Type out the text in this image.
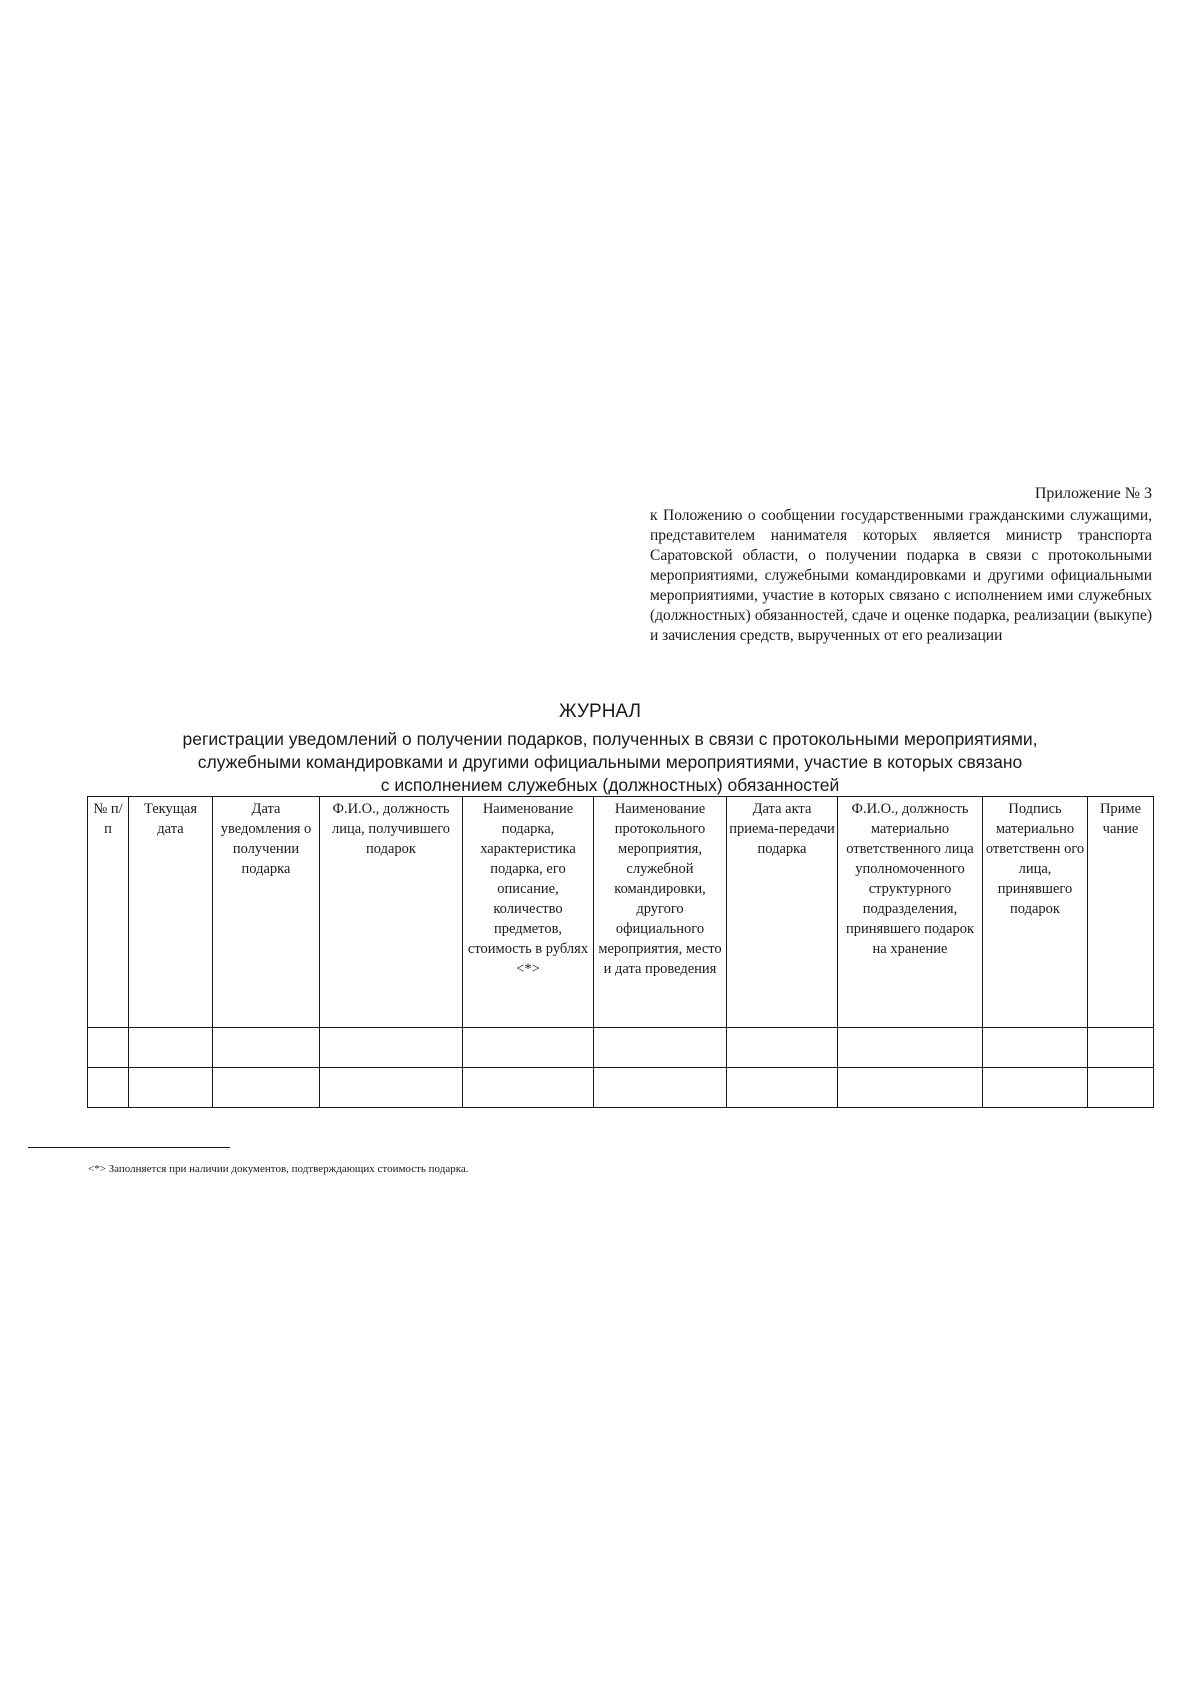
Приложение № 3

к Положению о сообщении государственными гражданскими служащими, представителем нанимателя которых является министр транспорта Саратовской области, о получении подарка в связи с протокольными мероприятиями, служебными командировками и другими официальными мероприятиями, участие в которых связано с исполнением ими служебных (должностных) обязанностей, сдаче и оценке подарка, реализации (выкупе) и зачисления средств, вырученных от его реализации

ЖУРНАЛ
регистрации уведомлений о получении подарков, полученных в связи с протокольными мероприятиями,
служебными командировками и другими официальными мероприятиями, участие в которых связано
с исполнением служебных (должностных) обязанностей
№ п/п	Текущая дата	Дата уведомления о получении подарка	Ф.И.О., должность лица, получившего подарок	Наименование подарка, характеристика подарка, его описание, количество предметов, стоимость в рублях <*>	Наименование протокольного мероприятия, служебной командировки, другого официального мероприятия, место и дата проведения	Дата акта приема-передачи подарка	Ф.И.О., должность материально ответственного лица уполномоченного структурного подразделения, принявшего подарок на хранение	Подпись материально ответственн ого лица, принявшего подарок	Приме чание

<*> Заполняется при наличии документов, подтверждающих стоимость подарка.
